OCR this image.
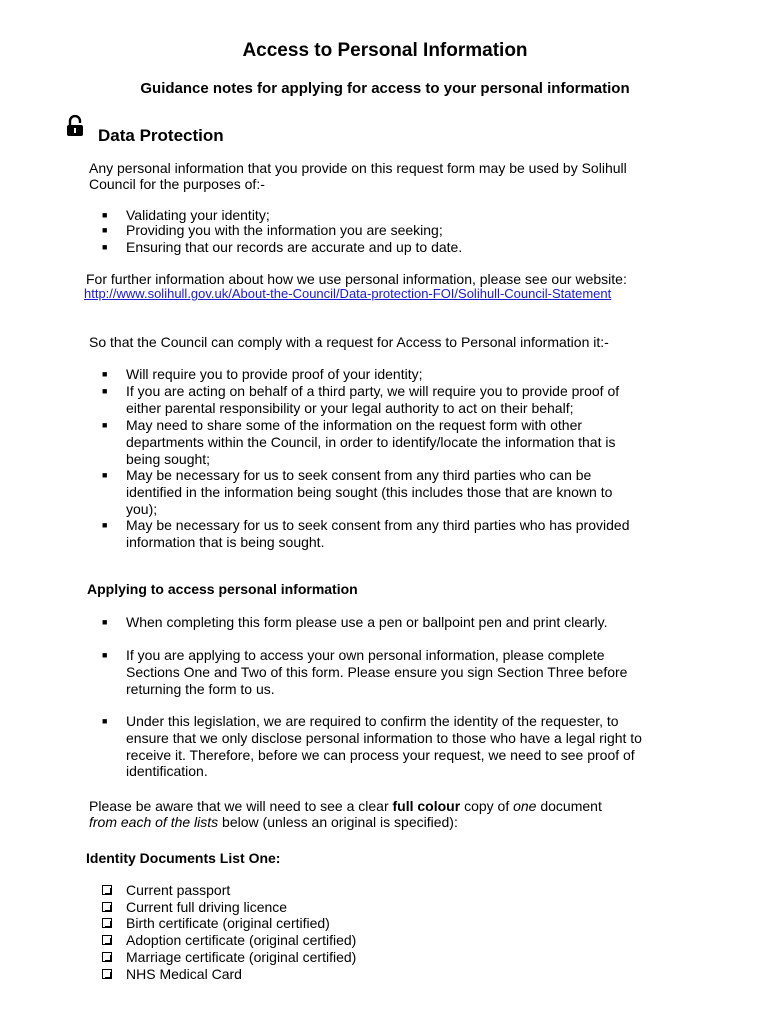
Access to Personal Information
Guidance notes for applying for access to your personal information
Data Protection
Any personal information that you provide on this request form may be used by Solihull
Council for the purposes of:-
■ Validating your identity;
■ Providing you with the information you are seeking;
■ Ensuring that our records are accurate and up to date.
For further information about how we use personal information, please see our website:
http://www.solihull.gov.uk/About-the-Council/Data-protection-FOI/Solihull-Council-Statement
So that the Council can comply with a request for Access to Personal information it:-
■ Will require you to provide proof of your identity;
■ If you are acting on behalf of a third party, we will require you to provide proof of
either parental responsibility or your legal authority to act on their behalf;
■ May need to share some of the information on the request form with other
departments within the Council, in order to identify/locate the information that is
being sought;
■ May be necessary for us to seek consent from any third parties who can be
identified in the information being sought (this includes those that are known to
you);
■ May be necessary for us to seek consent from any third parties who has provided
information that is being sought.
Applying to access personal information
■ When completing this form please use a pen or ballpoint pen and print clearly.
■ If you are applying to access your own personal information, please complete
Sections One and Two of this form. Please ensure you sign Section Three before
returning the form to us.
■ Under this legislation, we are required to confirm the identity of the requester, to
ensure that we only disclose personal information to those who have a legal right to
receive it. Therefore, before we can process your request, we need to see proof of
identification.
Please be aware that we will need to see a clear full colour copy of one document
from each of the lists below (unless an original is specified):
Identity Documents List One:
Current passport
Current full driving licence
Birth certificate (original certified)
Adoption certificate (original certified)
Marriage certificate (original certified)
NHS Medical Card
